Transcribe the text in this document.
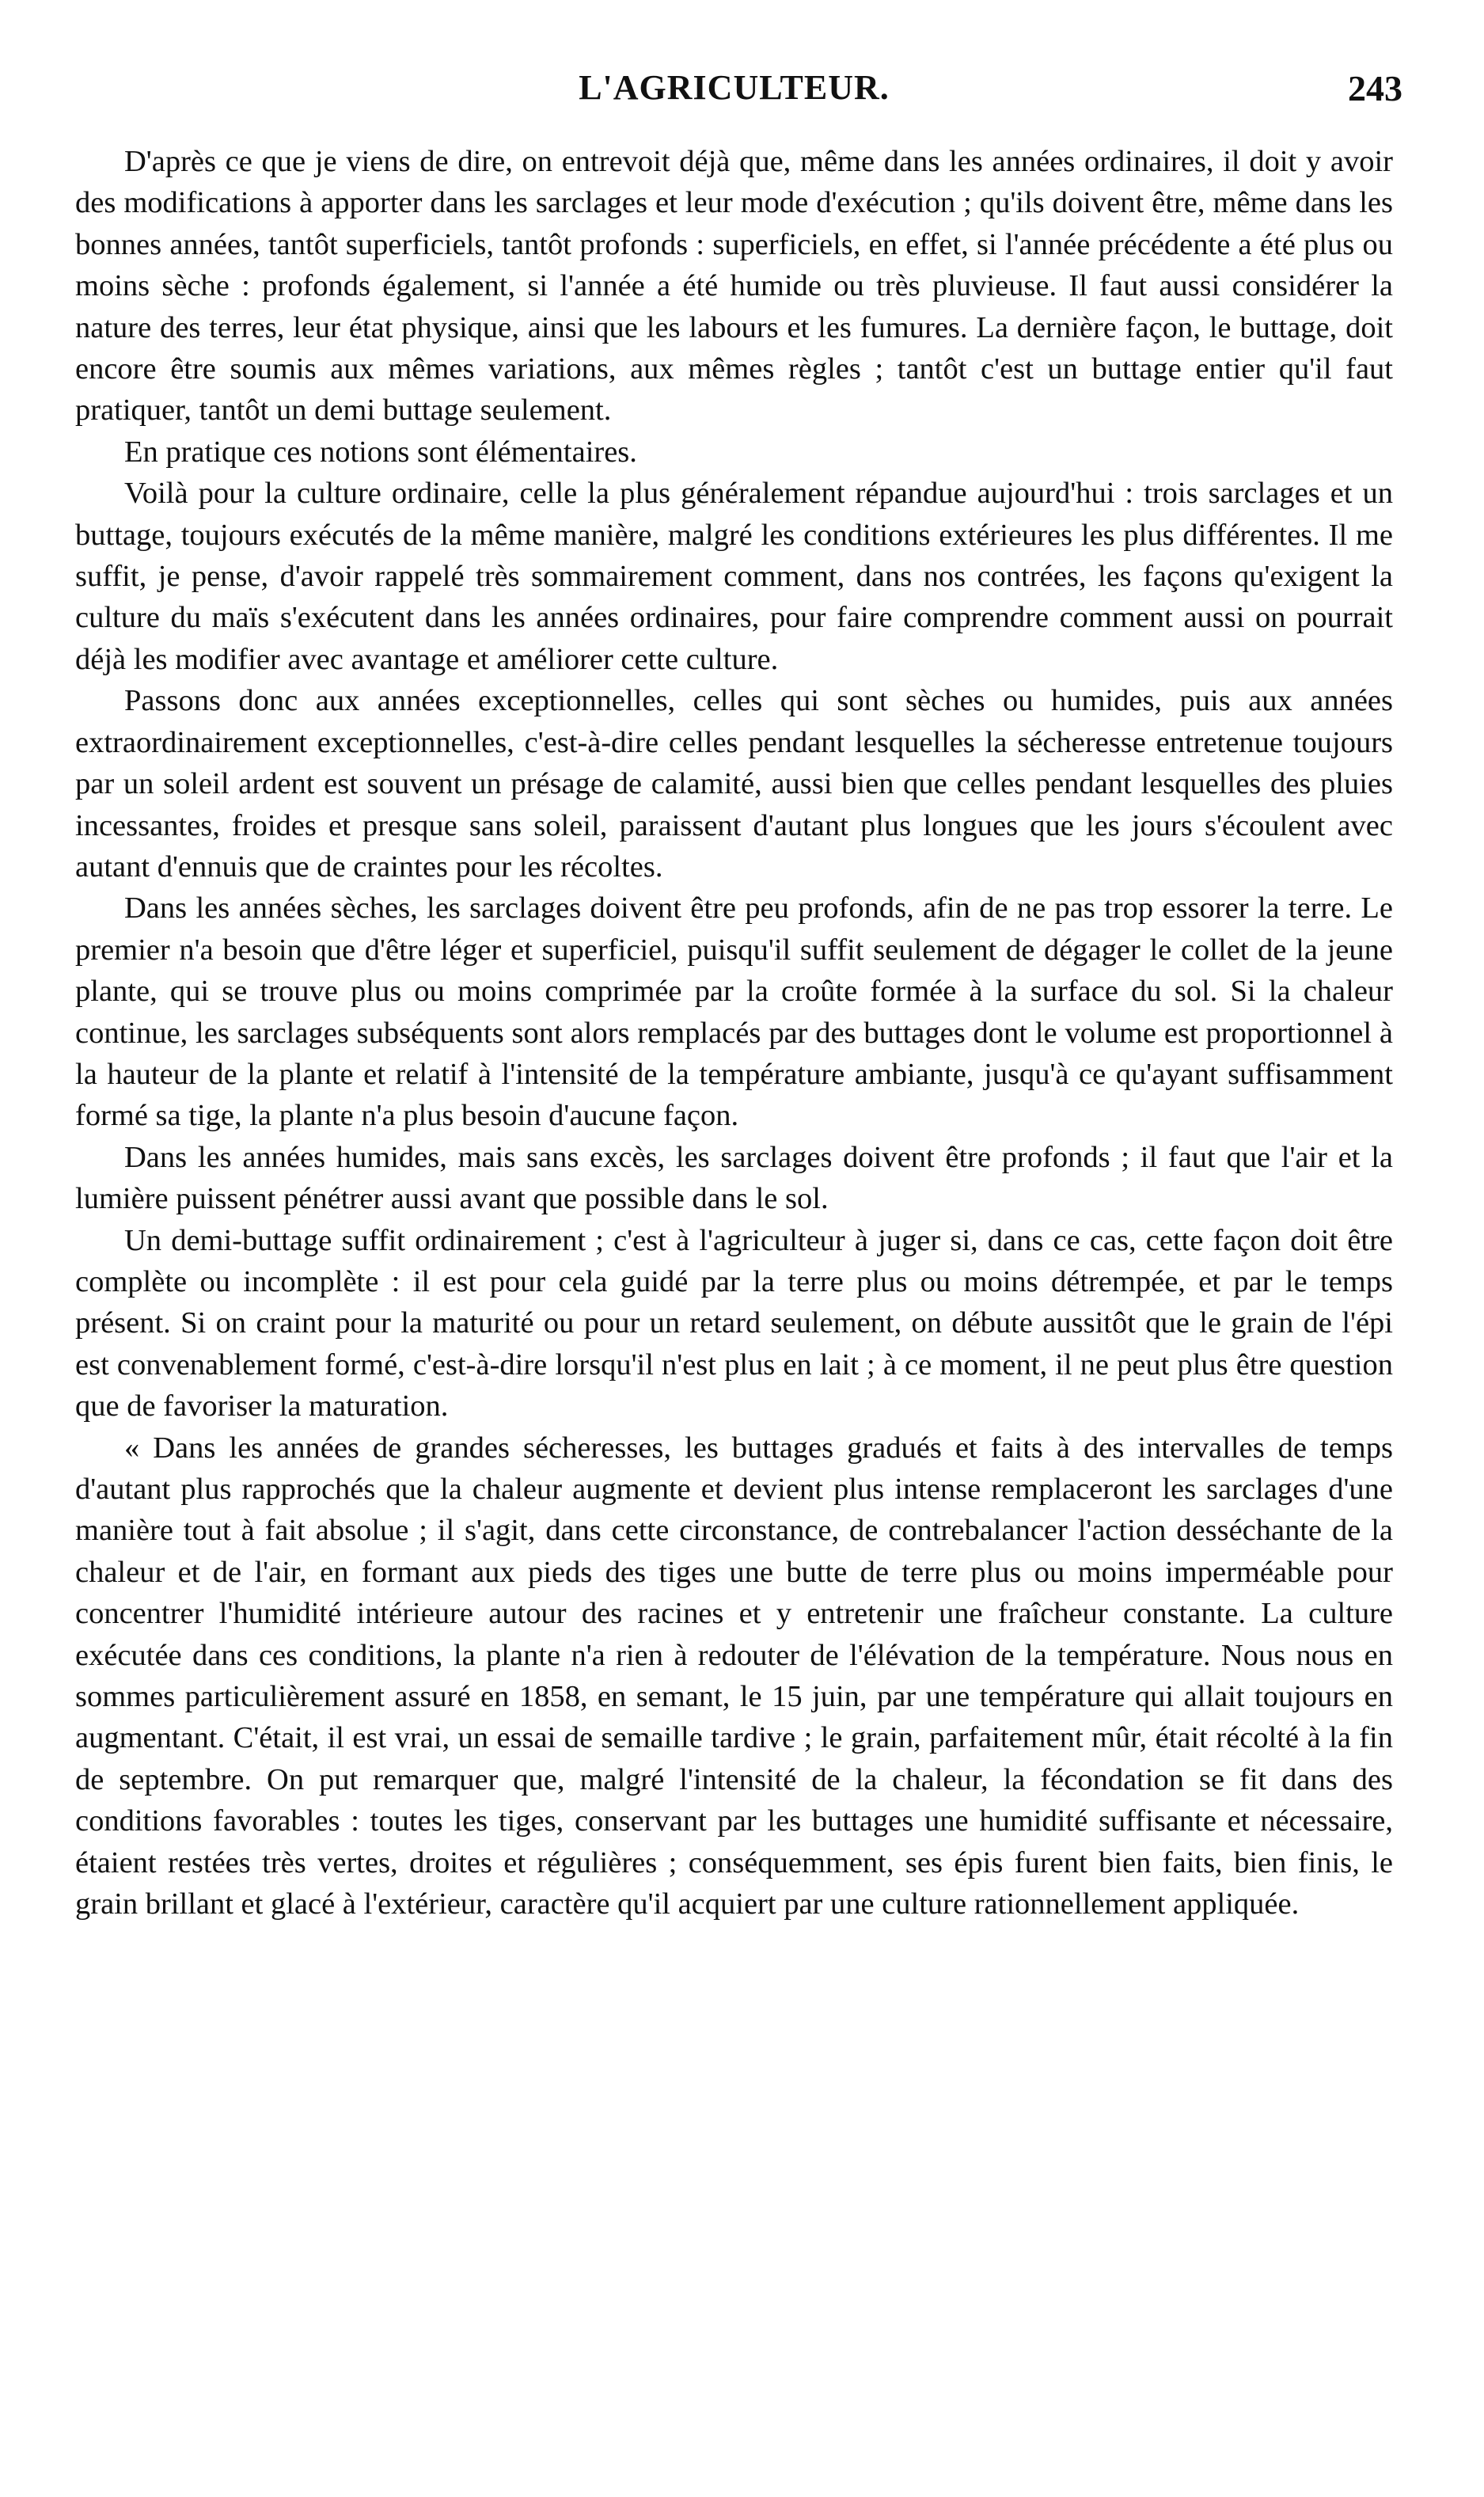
L'AGRICULTEUR.	243

D'après ce que je viens de dire, on entrevoit déjà que, même dans les années ordinaires, il doit y avoir des modifications à apporter dans les sarclages et leur mode d'exécution ; qu'ils doivent être, même dans les bonnes années, tantôt superficiels, tantôt profonds : superficiels, en effet, si l'année précédente a été plus ou moins sèche : profonds également, si l'année a été humide ou très pluvieuse. Il faut aussi considérer la nature des terres, leur état physique, ainsi que les labours et les fumures. La dernière façon, le buttage, doit encore être soumis aux mêmes variations, aux mêmes règles ; tantôt c'est un buttage entier qu'il faut pratiquer, tantôt un demi buttage seulement.

En pratique ces notions sont élémentaires.

Voilà pour la culture ordinaire, celle la plus généralement répandue aujourd'hui : trois sarclages et un buttage, toujours exécutés de la même manière, malgré les conditions extérieures les plus différentes. Il me suffit, je pense, d'avoir rappelé très sommairement comment, dans nos contrées, les façons qu'exigent la culture du maïs s'exécutent dans les années ordinaires, pour faire comprendre comment aussi on pourrait déjà les modifier avec avantage et améliorer cette culture.

Passons donc aux années exceptionnelles, celles qui sont sèches ou humides, puis aux années extraordinairement exceptionnelles, c'est-à-dire celles pendant lesquelles la sécheresse entretenue toujours par un soleil ardent est souvent un présage de calamité, aussi bien que celles pendant lesquelles des pluies incessantes, froides et presque sans soleil, paraissent d'autant plus longues que les jours s'écoulent avec autant d'ennuis que de craintes pour les récoltes.

Dans les années sèches, les sarclages doivent être peu profonds, afin de ne pas trop essorer la terre. Le premier n'a besoin que d'être léger et superficiel, puisqu'il suffit seulement de dégager le collet de la jeune plante, qui se trouve plus ou moins comprimée par la croûte formée à la surface du sol. Si la chaleur continue, les sarclages subséquents sont alors remplacés par des buttages dont le volume est proportionnel à la hauteur de la plante et relatif à l'intensité de la température ambiante, jusqu'à ce qu'ayant suffisamment formé sa tige, la plante n'a plus besoin d'aucune façon.

Dans les années humides, mais sans excès, les sarclages doivent être profonds ; il faut que l'air et la lumière puissent pénétrer aussi avant que possible dans le sol.

Un demi-buttage suffit ordinairement ; c'est à l'agriculteur à juger si, dans ce cas, cette façon doit être complète ou incomplète : il est pour cela guidé par la terre plus ou moins détrempée, et par le temps présent. Si on craint pour la maturité ou pour un retard seulement, on débute aussitôt que le grain de l'épi est convenablement formé, c'est-à-dire lorsqu'il n'est plus en lait ; à ce moment, il ne peut plus être question que de favoriser la maturation.

« Dans les années de grandes sécheresses, les buttages gradués et faits à des intervalles de temps d'autant plus rapprochés que la chaleur augmente et devient plus intense remplaceront les sarclages d'une manière tout à fait absolue ; il s'agit, dans cette circonstance, de contrebalancer l'action desséchante de la chaleur et de l'air, en formant aux pieds des tiges une butte de terre plus ou moins imperméable pour concentrer l'humidité intérieure autour des racines et y entretenir une fraîcheur constante. La culture exécutée dans ces conditions, la plante n'a rien à redouter de l'élévation de la température. Nous nous en sommes particulièrement assuré en 1858, en semant, le 15 juin, par une température qui allait toujours en augmentant. C'était, il est vrai, un essai de semaille tardive ; le grain, parfaitement mûr, était récolté à la fin de septembre. On put remarquer que, malgré l'intensité de la chaleur, la fécondation se fit dans des conditions favorables : toutes les tiges, conservant par les buttages une humidité suffisante et nécessaire, étaient restées très vertes, droites et régulières ; conséquemment, ses épis furent bien faits, bien finis, le grain brillant et glacé à l'extérieur, caractère qu'il acquiert par une culture rationnellement appliquée.
